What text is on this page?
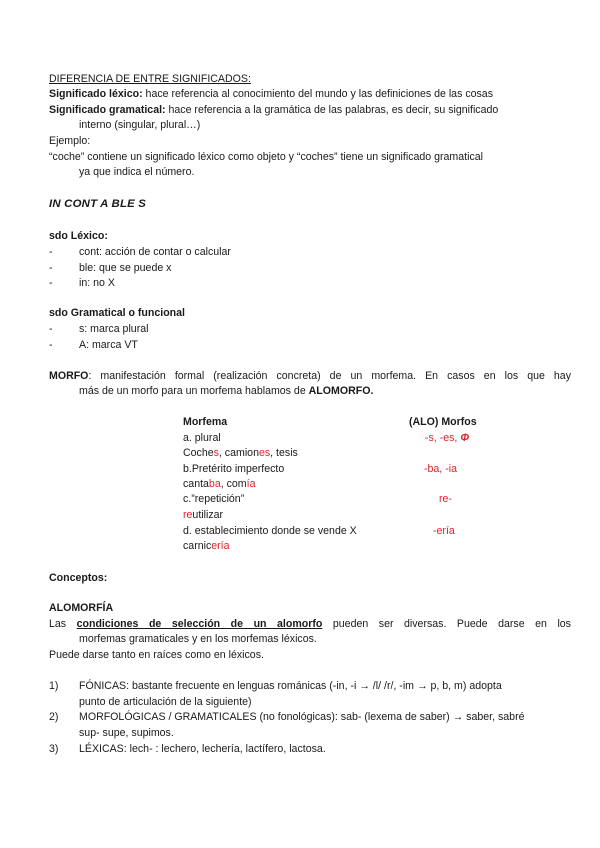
DIFERENCIA DE ENTRE SIGNIFICADOS:
Significado léxico: hace referencia al conocimiento del mundo y las definiciones de las cosas
Significado gramatical: hace referencia a la gramática de las palabras, es decir, su significado
interno (singular, plural…)
Ejemplo:
“coche” contiene un significado léxico como objeto y “coches” tiene un significado gramatical
ya que indica el número.
IN CONT A BLE S
sdo Léxico:
- cont: acción de contar o calcular
- ble: que se puede x
- in: no X
sdo Gramatical o funcional
- s: marca plural
- A: marca VT
MORFO: manifestación formal (realización concreta) de un morfema. En casos en los que hay
más de un morfo para un morfema hablamos de ALOMORFO.
Morfema	(ALO) Morfos
a. plural	-s, -es, Φ
Coches, camiones, tesis
b.Pretérito imperfecto	-ba, -ia
cantaba, comía
c.”repetición”	re-
reutilizar
d. establecimiento donde se vende X	-ería
carnicería
Conceptos:
ALOMORFÍA
Las condiciones de selección de un alomorfo pueden ser diversas. Puede darse en los
morfemas gramaticales y en los morfemas léxicos.
Puede darse tanto en raíces como en léxicos.
1) FÓNICAS: bastante frecuente en lenguas románicas (-in, -i → /l/ /r/, -im → p, b, m) adopta
punto de articulación de la siguiente)
2) MORFOLÓGICAS / GRAMATICALES (no fonológicas): sab- (lexema de saber) → saber, sabré
sup- supe, supimos.
3) LÉXICAS: lech- : lechero, lechería, lactífero, lactosa.
